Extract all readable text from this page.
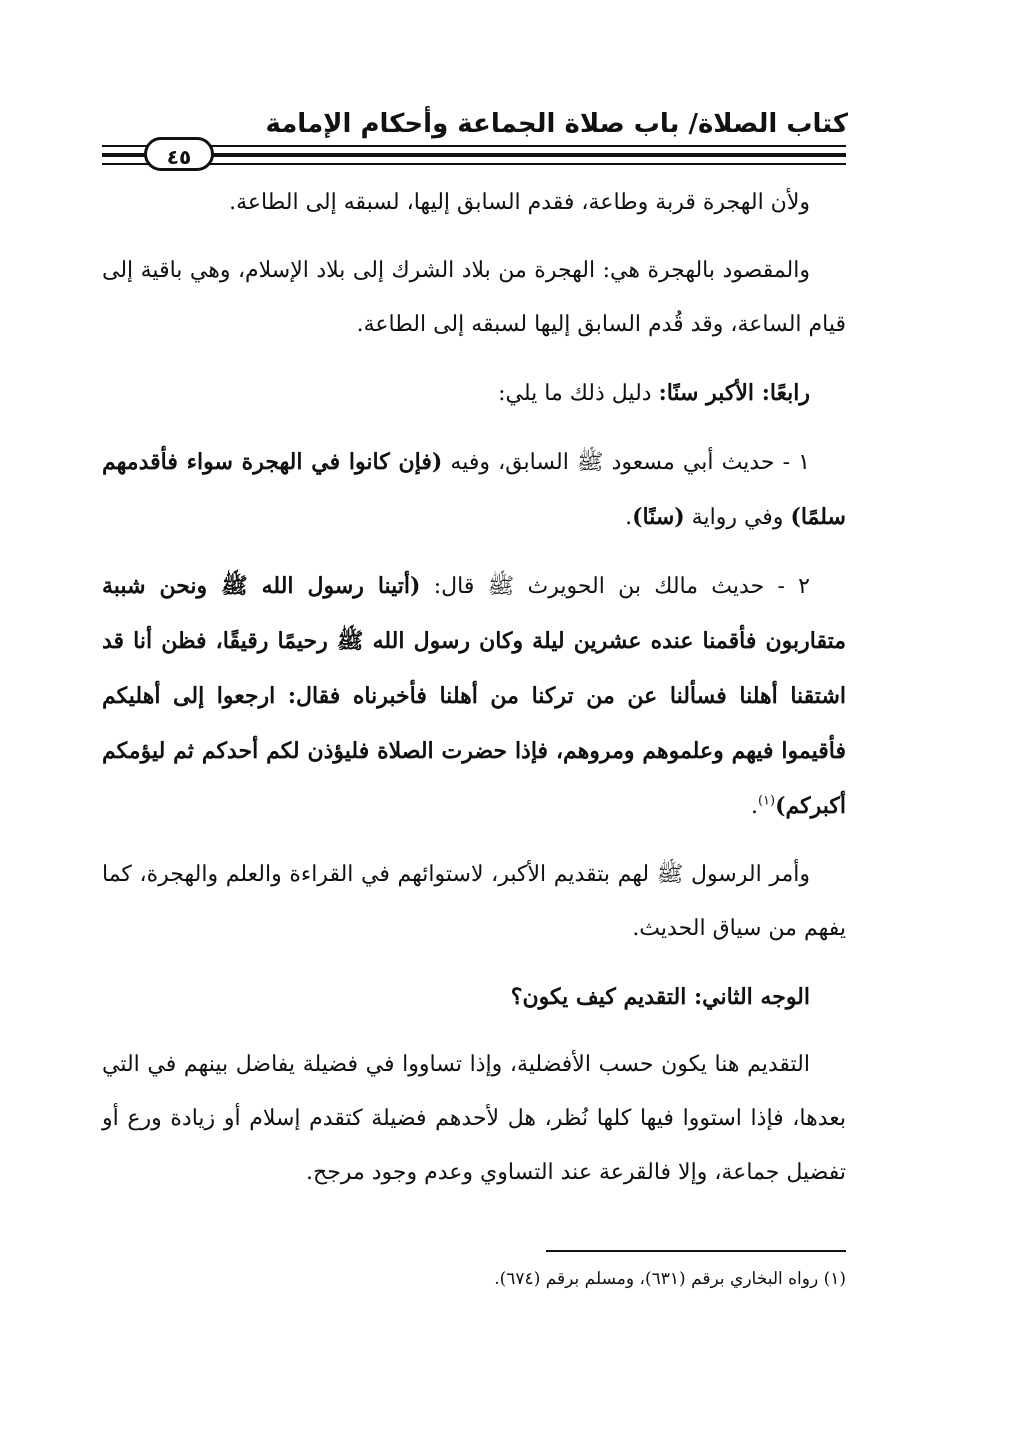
كتاب الصلاة/ باب صلاة الجماعة وأحكام الإمامة
٤٥

ولأن الهجرة قربة وطاعة، فقدم السابق إليها، لسبقه إلى الطاعة.

والمقصود بالهجرة هي: الهجرة من بلاد الشرك إلى بلاد الإسلام، وهي باقية إلى قيام الساعة، وقد قُدم السابق إليها لسبقه إلى الطاعة.

رابعًا: الأكبر سنًا: دليل ذلك ما يلي:

١ - حديث أبي مسعود ﷺ السابق، وفيه (فإن كانوا في الهجرة سواء فأقدمهم سلمًا) وفي رواية (سنًا).

٢ - حديث مالك بن الحويرث ﷺ قال: (أتينا رسول الله ﷺ ونحن شببة متقاربون فأقمنا عنده عشرين ليلة وكان رسول الله ﷺ رحيمًا رقيقًا، فظن أنا قد اشتقنا أهلنا فسألنا عن من تركنا من أهلنا فأخبرناه فقال: ارجعوا إلى أهليكم فأقيموا فيهم وعلموهم ومروهم، فإذا حضرت الصلاة فليؤذن لكم أحدكم ثم ليؤمكم أكبركم)$^{(١)}$.

وأمر الرسول ﷺ لهم بتقديم الأكبر، لاستوائهم في القراءة والعلم والهجرة، كما يفهم من سياق الحديث.

الوجه الثاني: التقديم كيف يكون؟

التقديم هنا يكون حسب الأفضلية، وإذا تساووا في فضيلة يفاضل بينهم في التي بعدها، فإذا استووا فيها كلها نُظر، هل لأحدهم فضيلة كتقدم إسلام أو زيادة ورع أو تفضيل جماعة، وإلا فالقرعة عند التساوي وعدم وجود مرجح.

(١) رواه البخاري برقم (٦٣١)، ومسلم برقم (٦٧٤).
